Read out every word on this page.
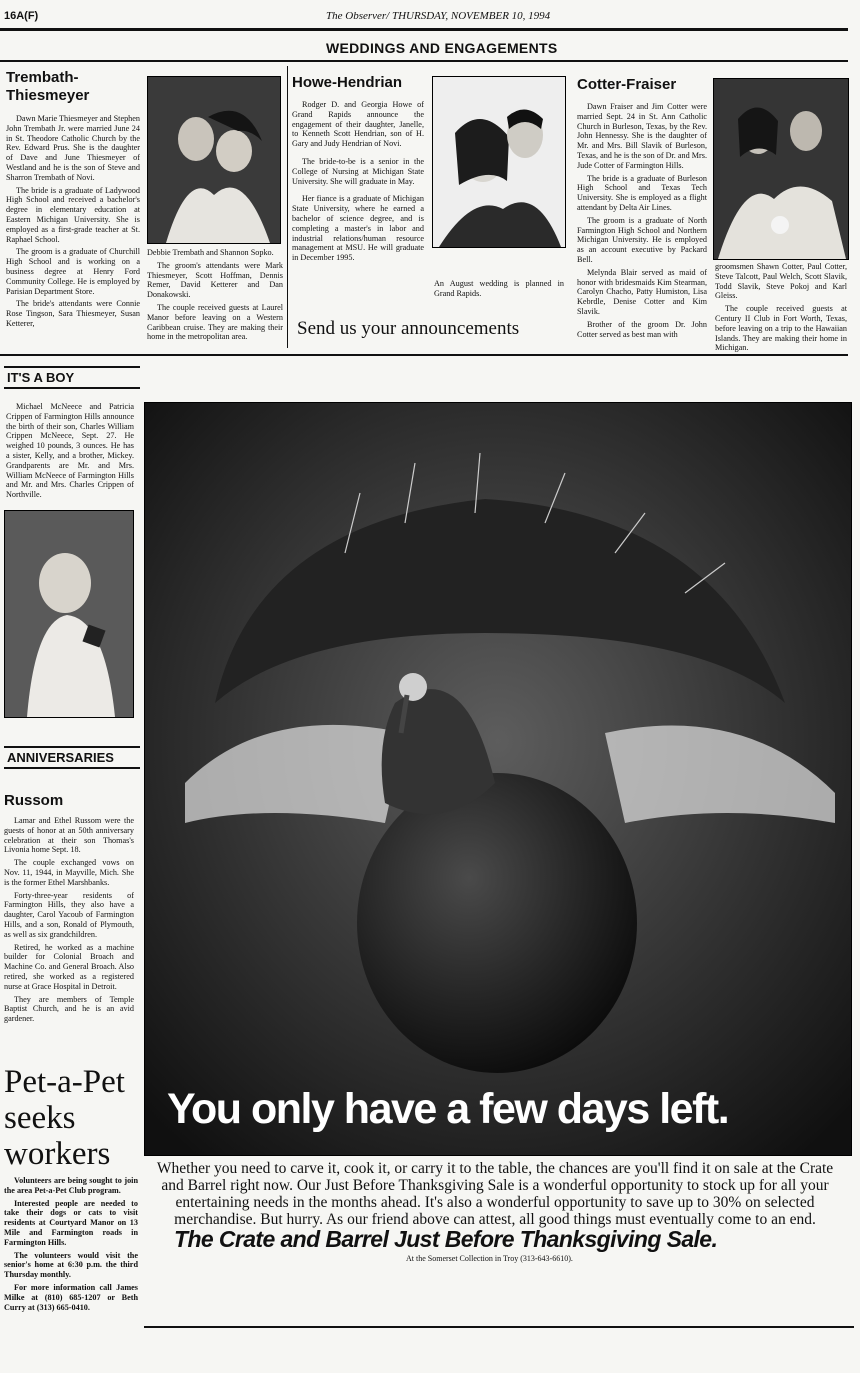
16A(F)	The Observer/ THURSDAY, NOVEMBER 10, 1994
WEDDINGS AND ENGAGEMENTS
Trembath-Thiesmeyer

Dawn Marie Thiesmeyer and Stephen John Trembath Jr. were married June 24 in St. Theodore Catholic Church by the Rev. Edward Prus. She is the daughter of Dave and June Thiesmeyer of Westland and he is the son of Steve and Sharron Trembath of Novi.

The bride is a graduate of Ladywood High School and received a bachelor's degree in elementary education at Eastern Michigan University. She is employed as a first-grade teacher at St. Raphael School.

The groom is a graduate of Churchill High School and is working on a business degree at Henry Ford Community College. He is employed by Parisian Department Store.

The bride's attendants were Connie Rose Tingson, Sara Thiesmeyer, Susan Ketterer,

Debbie Trembath and Shannon Sopko.

The groom's attendants were Mark Thiesmeyer, Scott Hoffman, Dennis Remer, David Ketterer and Dan Donakowski.

The couple received guests at Laurel Manor before leaving on a Western Caribbean cruise. They are making their home in the metropolitan area.

Howe-Hendrian

Rodger D. and Georgia Howe of Grand Rapids announce the engagement of their daughter, Janelle, to Kenneth Scott Hendrian, son of H. Gary and Judy Hendrian of Novi.

The bride-to-be is a senior in the College of Nursing at Michigan State University. She will graduate in May.

Her fiance is a graduate of Michigan State University, where he earned a bachelor of science degree, and is completing a master's in labor and industrial relations/human resource management at MSU. He will graduate in December 1995.

An August wedding is planned in Grand Rapids.
Send us your announcements
Cotter-Fraiser

Dawn Fraiser and Jim Cotter were married Sept. 24 in St. Ann Catholic Church in Burleson, Texas, by the Rev. John Hennessy. She is the daughter of Mr. and Mrs. Bill Slavik of Burleson, Texas, and he is the son of Dr. and Mrs. Jude Cotter of Farmington Hills.

The bride is a graduate of Burleson High School and Texas Tech University. She is employed as a flight attendant by Delta Air Lines.

The groom is a graduate of North Farmington High School and Northern Michigan University. He is employed as an account executive by Packard Bell.

Melynda Blair served as maid of honor with bridesmaids Kim Stearman, Carolyn Chacho, Patty Humiston, Lisa Kebrdle, Denise Cotter and Kim Slavik.

Brother of the groom Dr. John Cotter served as best man with

groomsmen Shawn Cotter, Paul Cotter, Steve Talcott, Paul Welch, Scott Slavik, Todd Slavik, Steve Pokoj and Karl Gleiss.

The couple received guests at Century II Club in Fort Worth, Texas, before leaving on a trip to the Hawaiian Islands. They are making their home in Michigan.

IT'S A BOY

Michael McNeece and Patricia Crippen of Farmington Hills announce the birth of their son, Charles William Crippen McNeece, Sept. 27. He weighed 10 pounds, 3 ounces. He has a sister, Kelly, and a brother, Mickey. Grandparents are Mr. and Mrs. William McNeece of Farmington Hills and Mr. and Mrs. Charles Crippen of Northville.

ANNIVERSARIES
Russom

Lamar and Ethel Russom were the guests of honor at an 50th anniversary celebration at their son Thomas's Livonia home Sept. 18.

The couple exchanged vows on Nov. 11, 1944, in Mayville, Mich. She is the former Ethel Marshbanks.

Forty-three-year residents of Farmington Hills, they also have a daughter, Carol Yacoub of Farmington Hills, and a son, Ronald of Plymouth, as well as six grandchildren.

Retired, he worked as a machine builder for Colonial Broach and Machine Co. and General Broach. Also retired, she worked as a registered nurse at Grace Hospital in Detroit.

They are members of Temple Baptist Church, and he is an avid gardener.

Pet-a-Pet seeks workers

Volunteers are being sought to join the area Pet-a-Pet Club program.

Interested people are needed to take their dogs or cats to visit residents at Courtyard Manor on 13 Mile and Farmington roads in Farmington Hills.

The volunteers would visit the senior's home at 6:30 p.m. the third Thursday monthly.

For more information call James Milke at (810) 685-1207 or Beth Curry at (313) 665-0410.

You only have a few days left.
Whether you need to carve it, cook it, or carry it to the table, the chances are you'll find it on sale at the Crate and Barrel right now. Our Just Before Thanksgiving Sale is a wonderful opportunity to stock up for all your entertaining needs in the months ahead. It's also a wonderful opportunity to save up to 30% on selected merchandise. But hurry. As our friend above can attest, all good things must eventually come to an end.
The Crate and Barrel Just Before Thanksgiving Sale.
At the Somerset Collection in Troy (313-643-6610).
